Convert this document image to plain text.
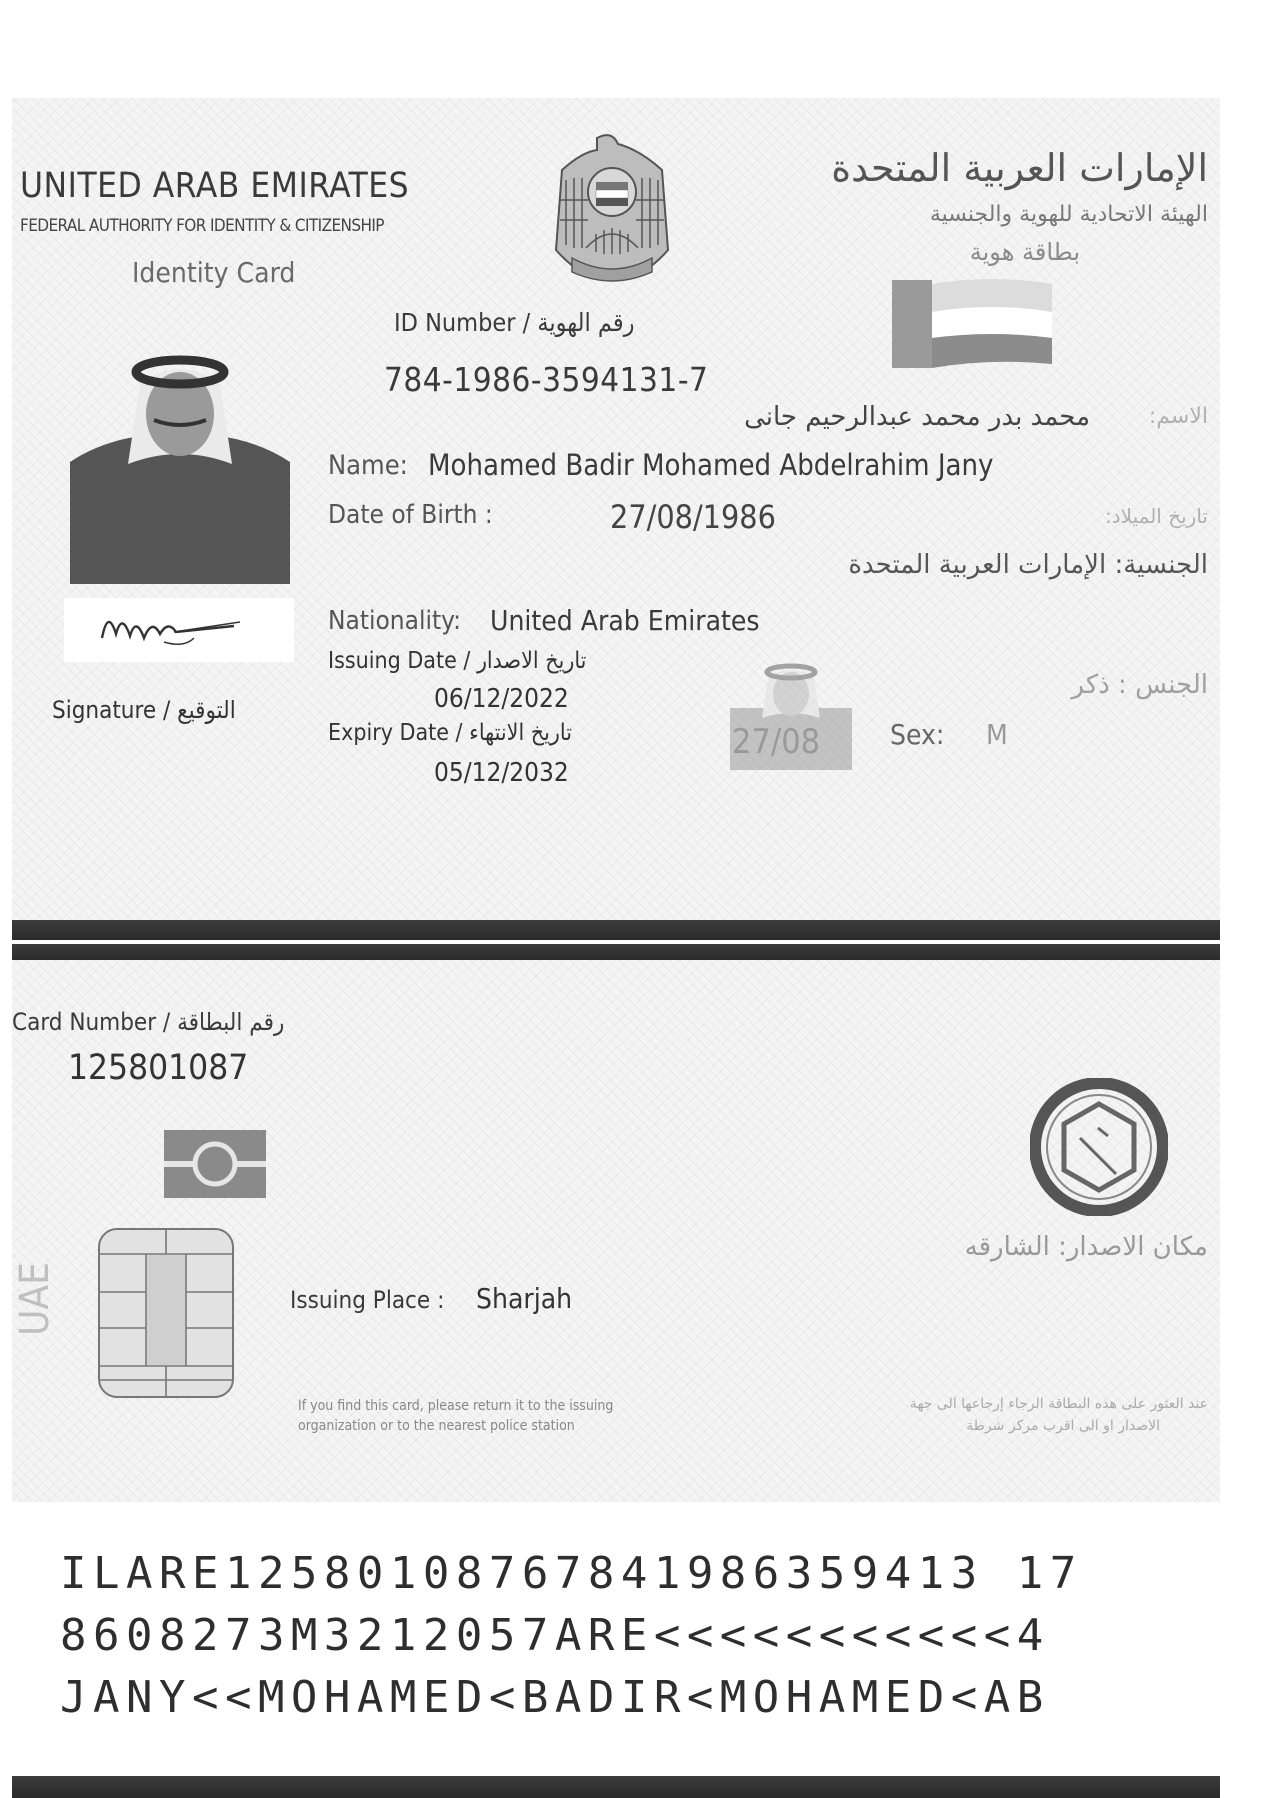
UNITED ARAB EMIRATES
FEDERAL AUTHORITY FOR IDENTITY & CITIZENSHIP
Identity Card
الإمارات العربية المتحدة
الهيئة الاتحادية للهوية والجنسية
بطاقة هوية
Signature / التوقيع
ID Number / رقم الهوية
784-1986-3594131-7
الاسم:
محمد بدر محمد عبدالرحيم جانى
Name: Mohamed Badir Mohamed Abdelrahim Jany
Date of Birth :	27/08/1986	تاريخ الميلاد:
الجنسية: الإمارات العربية المتحدة
Nationality: United Arab Emirates
Issuing Date / تاريخ الاصدار
06/12/2022
Expiry Date / تاريخ الانتهاء
05/12/2032
27/08
الجنس : ذكر
Sex: M
Card Number / رقم البطاقة
125801087
UAE	Issuing Place : Sharjah
مكان الاصدار: الشارقه
If you find this card, please return it to the issuing
organization or to the nearest police station
عند العثور على هذه البطاقة الرجاء إرجاعها الى جهة
الاصدار او الى اقرب مركز شرطة
ILARE12580108767841986359413 17
8608273M3212057ARE<<<<<<<<<<<4
JANY<<MOHAMED<BADIR<MOHAMED<AB
